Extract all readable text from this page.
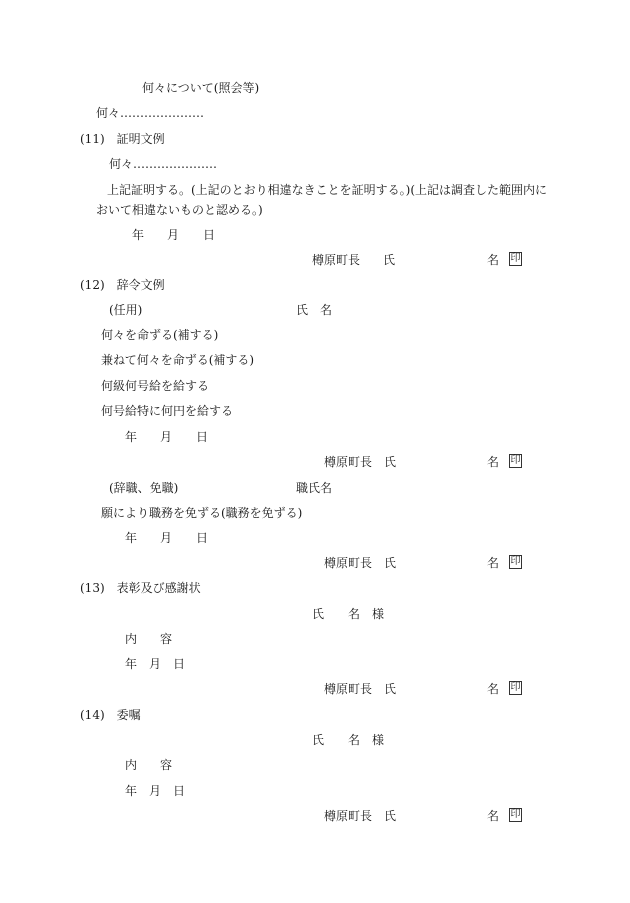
何々について(照会等)
何々…………………
(11)　証明文例
何々…………………
上記証明する。(上記のとおり相違なきことを証明する。)(上記は調査した範囲内に
おいて相違ないものと認める。)
年 月 日
樽原町長 氏	名 印
(12)　辞令文例
(任用)	氏　名
何々を命ずる(補する)
兼ねて何々を命ずる(補する)
何級何号給を給する
何号給特に何円を給する
年 月 日
樽原町長　氏	名 印
(辞職、免職)	職氏名
願により職務を免ずる(職務を免ずる)
年 月 日
樽原町長　氏	名 印
(13)　表彰及び感謝状
氏 名 様
内 容
年　月　日
樽原町長　氏	名 印
(14)　委嘱
氏 名 様
内 容
年　月　日
樽原町長　氏	名 印
